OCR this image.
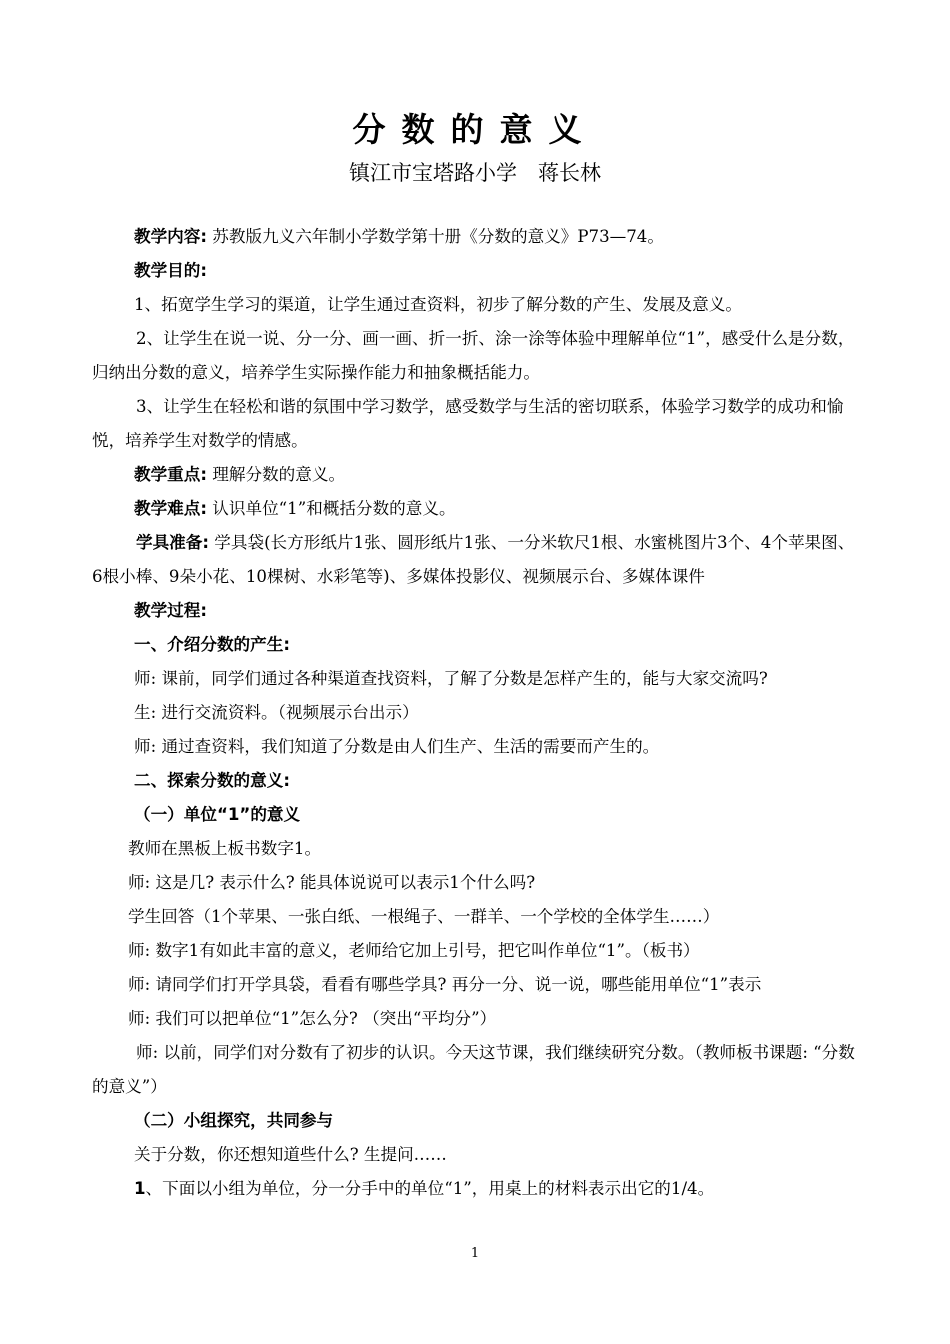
分数的意义
镇江市宝塔路小学　蒋长林

教学内容: 苏教版九义六年制小学数学第十册《分数的意义》P73—74。

教学目的:

1、拓宽学生学习的渠道，让学生通过查资料，初步了解分数的产生、发展及意义。

2、让学生在说一说、分一分、画一画、折一折、涂一涂等体验中理解单位“1”，感受什么是分数，归纳出分数的意义，培养学生实际操作能力和抽象概括能力。

3、让学生在轻松和谐的氛围中学习数学，感受数学与生活的密切联系，体验学习数学的成功和愉悦，培养学生对数学的情感。

教学重点: 理解分数的意义。

教学难点: 认识单位“1”和概括分数的意义。

学具准备: 学具袋(长方形纸片1张、圆形纸片1张、一分米软尺1根、水蜜桃图片3个、4个苹果图、6根小棒、9朵小花、10棵树、水彩笔等)、多媒体投影仪、视频展示台、多媒体课件

教学过程:

一、介绍分数的产生:

师: 课前，同学们通过各种渠道查找资料，了解了分数是怎样产生的，能与大家交流吗?

生: 进行交流资料。（视频展示台出示）

师: 通过查资料，我们知道了分数是由人们生产、生活的需要而产生的。

二、探索分数的意义:

（一）单位“1”的意义

教师在黑板上板书数字1。

师: 这是几? 表示什么? 能具体说说可以表示1个什么吗?

学生回答（1个苹果、一张白纸、一根绳子、一群羊、一个学校的全体学生……）

师: 数字1有如此丰富的意义，老师给它加上引号，把它叫作单位“1”。（板书）

师: 请同学们打开学具袋，看看有哪些学具? 再分一分、说一说，哪些能用单位“1”表示

师: 我们可以把单位“1”怎么分? （突出“平均分”）

师: 以前，同学们对分数有了初步的认识。今天这节课，我们继续研究分数。（教师板书课题: “分数的意义”）

（二）小组探究，共同参与

关于分数，你还想知道些什么? 生提问……

1、下面以小组为单位，分一分手中的单位“1”，用桌上的材料表示出它的1/4。

1
